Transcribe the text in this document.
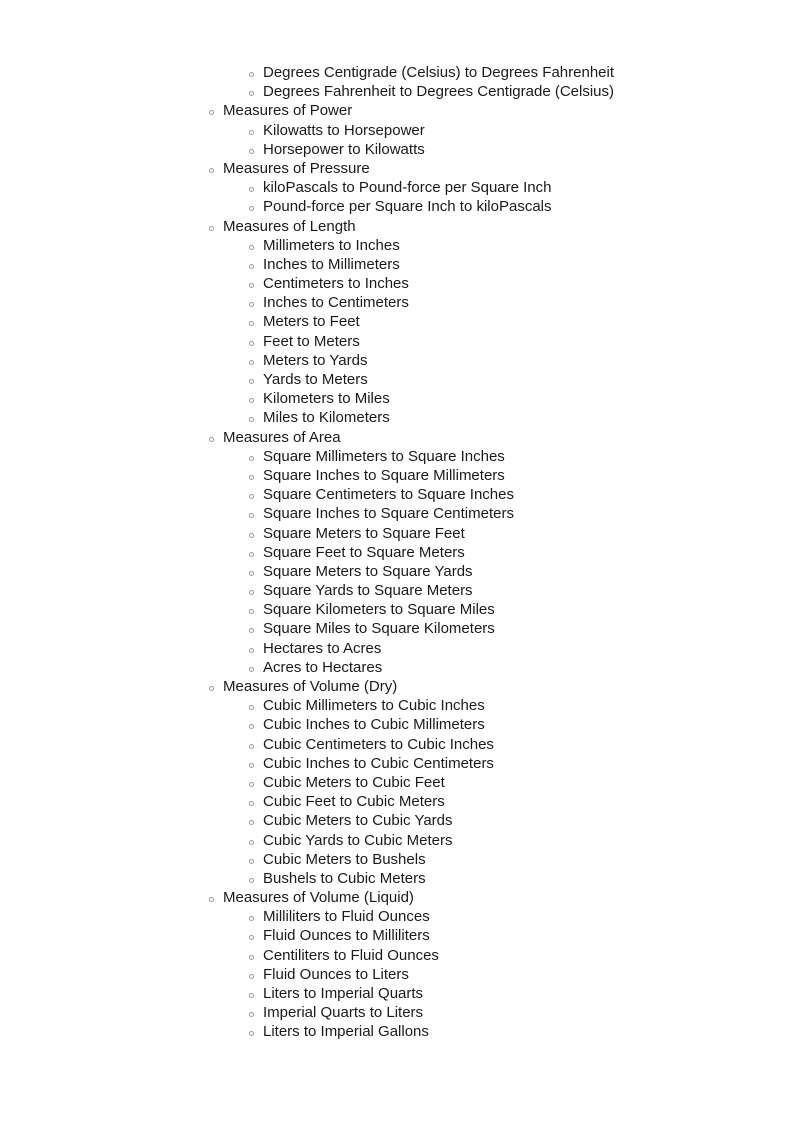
Degrees Centigrade (Celsius) to Degrees Fahrenheit
Degrees Fahrenheit to Degrees Centigrade (Celsius)
Measures of Power
Kilowatts to Horsepower
Horsepower to Kilowatts
Measures of Pressure
kiloPascals to Pound-force per Square Inch
Pound-force per Square Inch to kiloPascals
Measures of Length
Millimeters to Inches
Inches to Millimeters
Centimeters to Inches
Inches to Centimeters
Meters to Feet
Feet to Meters
Meters to Yards
Yards to Meters
Kilometers to Miles
Miles to Kilometers
Measures of Area
Square Millimeters to Square Inches
Square Inches to Square Millimeters
Square Centimeters to Square Inches
Square Inches to Square Centimeters
Square Meters to Square Feet
Square Feet to Square Meters
Square Meters to Square Yards
Square Yards to Square Meters
Square Kilometers to Square Miles
Square Miles to Square Kilometers
Hectares to Acres
Acres to Hectares
Measures of Volume (Dry)
Cubic Millimeters to Cubic Inches
Cubic Inches to Cubic Millimeters
Cubic Centimeters to Cubic Inches
Cubic Inches to Cubic Centimeters
Cubic Meters to Cubic Feet
Cubic Feet to Cubic Meters
Cubic Meters to Cubic Yards
Cubic Yards to Cubic Meters
Cubic Meters to Bushels
Bushels to Cubic Meters
Measures of Volume (Liquid)
Milliliters to Fluid Ounces
Fluid Ounces to Milliliters
Centiliters to Fluid Ounces
Fluid Ounces to Liters
Liters to Imperial Quarts
Imperial Quarts to Liters
Liters to Imperial Gallons
